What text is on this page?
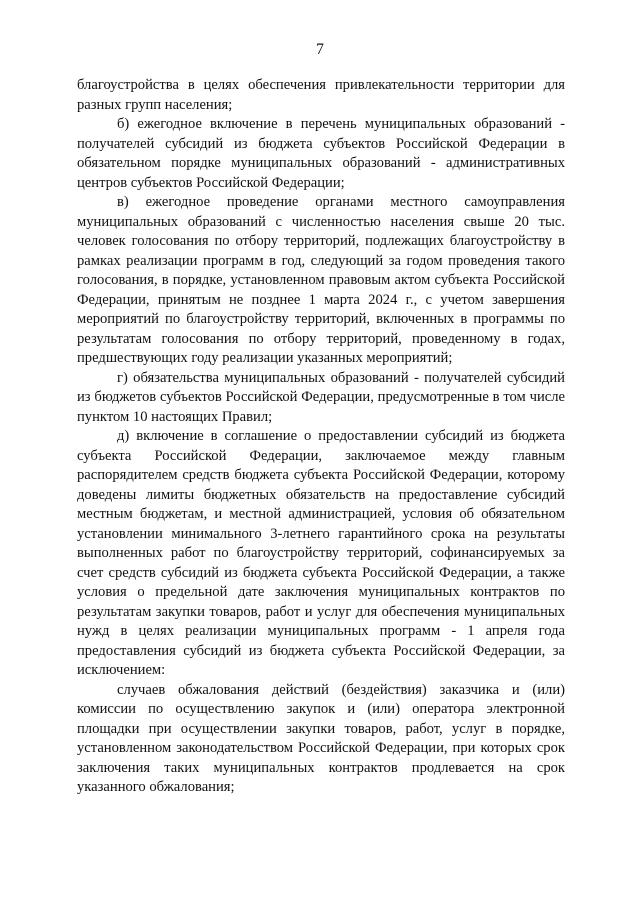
7

благоустройства в целях обеспечения привлекательности территории для разных групп населения;

б) ежегодное включение в перечень муниципальных образований - получателей субсидий из бюджета субъектов Российской Федерации в обязательном порядке муниципальных образований - административных центров субъектов Российской Федерации;

в) ежегодное проведение органами местного самоуправления муниципальных образований с численностью населения свыше 20 тыс. человек голосования по отбору территорий, подлежащих благоустройству в рамках реализации программ в год, следующий за годом проведения такого голосования, в порядке, установленном правовым актом субъекта Российской Федерации, принятым не позднее 1 марта 2024 г., с учетом завершения мероприятий по благоустройству территорий, включенных в программы по результатам голосования по отбору территорий, проведенному в годах, предшествующих году реализации указанных мероприятий;

г) обязательства муниципальных образований - получателей субсидий из бюджетов субъектов Российской Федерации, предусмотренные в том числе пунктом 10 настоящих Правил;

д) включение в соглашение о предоставлении субсидий из бюджета субъекта Российской Федерации, заключаемое между главным распорядителем средств бюджета субъекта Российской Федерации, которому доведены лимиты бюджетных обязательств на предоставление субсидий местным бюджетам, и местной администрацией, условия об обязательном установлении минимального 3-летнего гарантийного срока на результаты выполненных работ по благоустройству территорий, софинансируемых за счет средств субсидий из бюджета субъекта Российской Федерации, а также условия о предельной дате заключения муниципальных контрактов по результатам закупки товаров, работ и услуг для обеспечения муниципальных нужд в целях реализации муниципальных программ - 1 апреля года предоставления субсидий из бюджета субъекта Российской Федерации, за исключением:

случаев обжалования действий (бездействия) заказчика и (или) комиссии по осуществлению закупок и (или) оператора электронной площадки при осуществлении закупки товаров, работ, услуг в порядке, установленном законодательством Российской Федерации, при которых срок заключения таких муниципальных контрактов продлевается на срок указанного обжалования;
